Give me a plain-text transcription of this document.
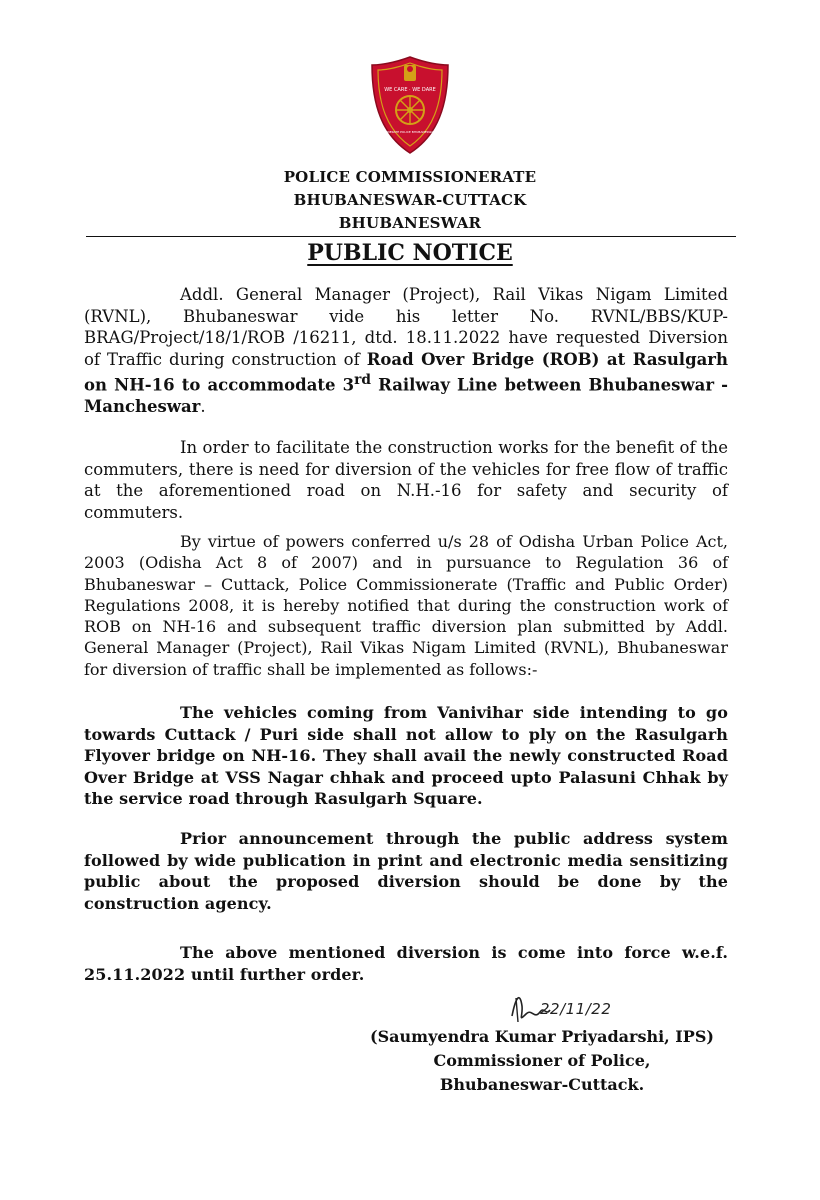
WE CARE · WE DARE
COMMISSIONERATE POLICE BHUBANESWAR CUTTACK
POLICE COMMISSIONERATE
BHUBANESWAR-CUTTACK
BHUBANESWAR
PUBLIC NOTICE

Addl. General Manager (Project), Rail Vikas Nigam Limited (RVNL), Bhubaneswar vide his letter No. RVNL/BBS/KUP-BRAG/Project/18/1/ROB /16211, dtd. 18.11.2022 have requested Diversion of Traffic during construction of Road Over Bridge (ROB) at Rasulgarh on NH-16 to accommodate 3rd Railway Line between Bhubaneswar - Mancheswar.

In order to facilitate the construction works for the benefit of the commuters, there is need for diversion of the vehicles for free flow of traffic at the aforementioned road on N.H.-16 for safety and security of commuters.

By virtue of powers conferred u/s 28 of Odisha Urban Police Act, 2003 (Odisha Act 8 of 2007) and in pursuance to Regulation 36 of Bhubaneswar – Cuttack, Police Commissionerate (Traffic and Public Order) Regulations 2008, it is hereby notified that during the construction work of ROB on NH-16 and subsequent traffic diversion plan submitted by Addl. General Manager (Project), Rail Vikas Nigam Limited (RVNL), Bhubaneswar for diversion of traffic shall be implemented as follows:-

The vehicles coming from Vanivihar side intending to go towards Cuttack / Puri side shall not allow to ply on the Rasulgarh Flyover bridge on NH-16. They shall avail the newly constructed Road Over Bridge at VSS Nagar chhak and proceed upto Palasuni Chhak by the service road through Rasulgarh Square.

Prior announcement through the public address system followed by wide publication in print and electronic media sensitizing public about the proposed diversion should be done by the construction agency.

The above mentioned diversion is come into force w.e.f. 25.11.2022 until further order.

22/11/22
(Saumyendra Kumar Priyadarshi, IPS)
Commissioner of Police,
Bhubaneswar-Cuttack.
